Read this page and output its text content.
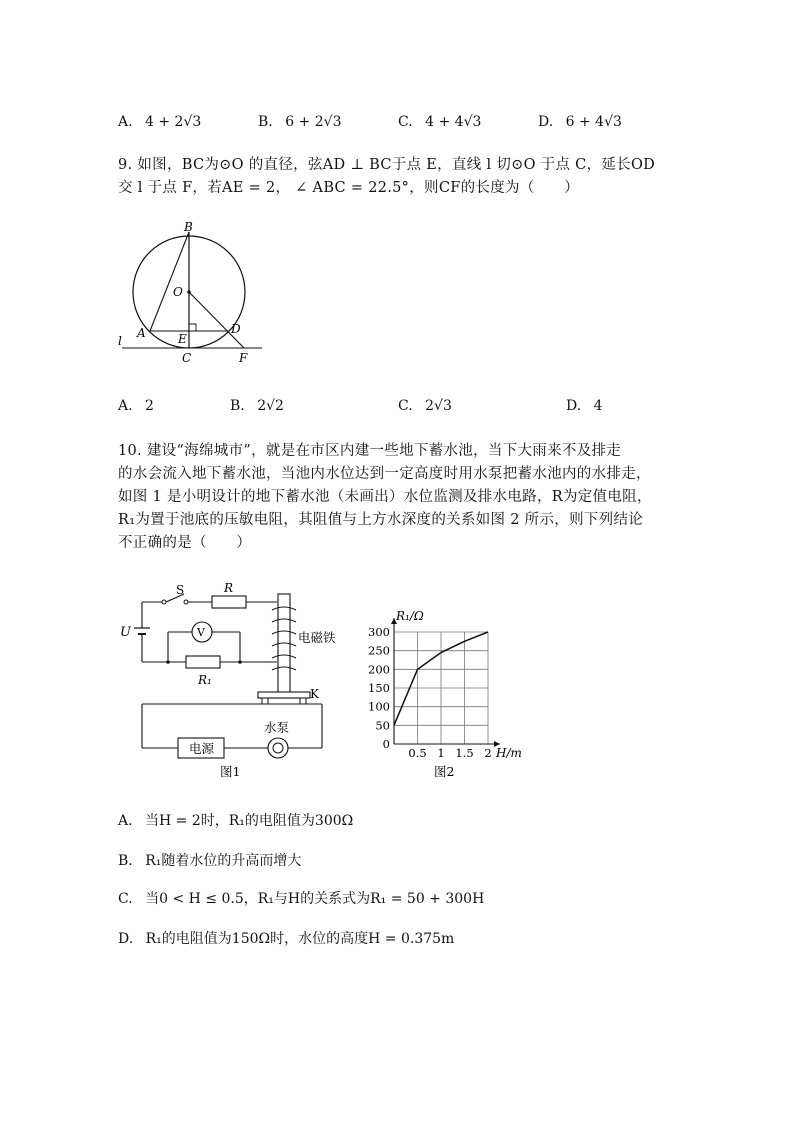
A. 4 + 2√3	B. 6 + 2√3	C. 4 + 4√3	D. 6 + 4√3
9. 如图，BC为⊙O 的直径，弦AD ⊥ BC于点 E，直线 l 切⊙O 于点 C，延长OD
交 l 于点 F，若AE = 2， ∠ ABC = 22.5°，则CF的长度为（　　）
B
O
A	E
D
C	F
l
A. 2	B. 2√2	C. 2√3	D. 4
10. 建设“海绵城市”，就是在市区内建一些地下蓄水池，当下大雨来不及排走
的水会流入地下蓄水池，当池内水位达到一定高度时用水泵把蓄水池内的水排走，
如图 1 是小明设计的地下蓄水池（未画出）水位监测及排水电路，R为定值电阻，
R₁为置于池底的压敏电阻，其阻值与上方水深度的关系如图 2 所示，则下列结论
不正确的是（　　）
S	R
U	V
R₁
电磁铁
K
水泵
电源
图1
0
50
100
150
200
250
300
0.5 1 1.5 2
R₁/Ω
H/m
图2
A. 当H = 2时，R₁的电阻值为300Ω
B. R₁随着水位的升高而增大
C. 当0 < H ≤ 0.5，R₁与H的关系式为R₁ = 50 + 300H
D. R₁的电阻值为150Ω时，水位的高度H = 0.375m
